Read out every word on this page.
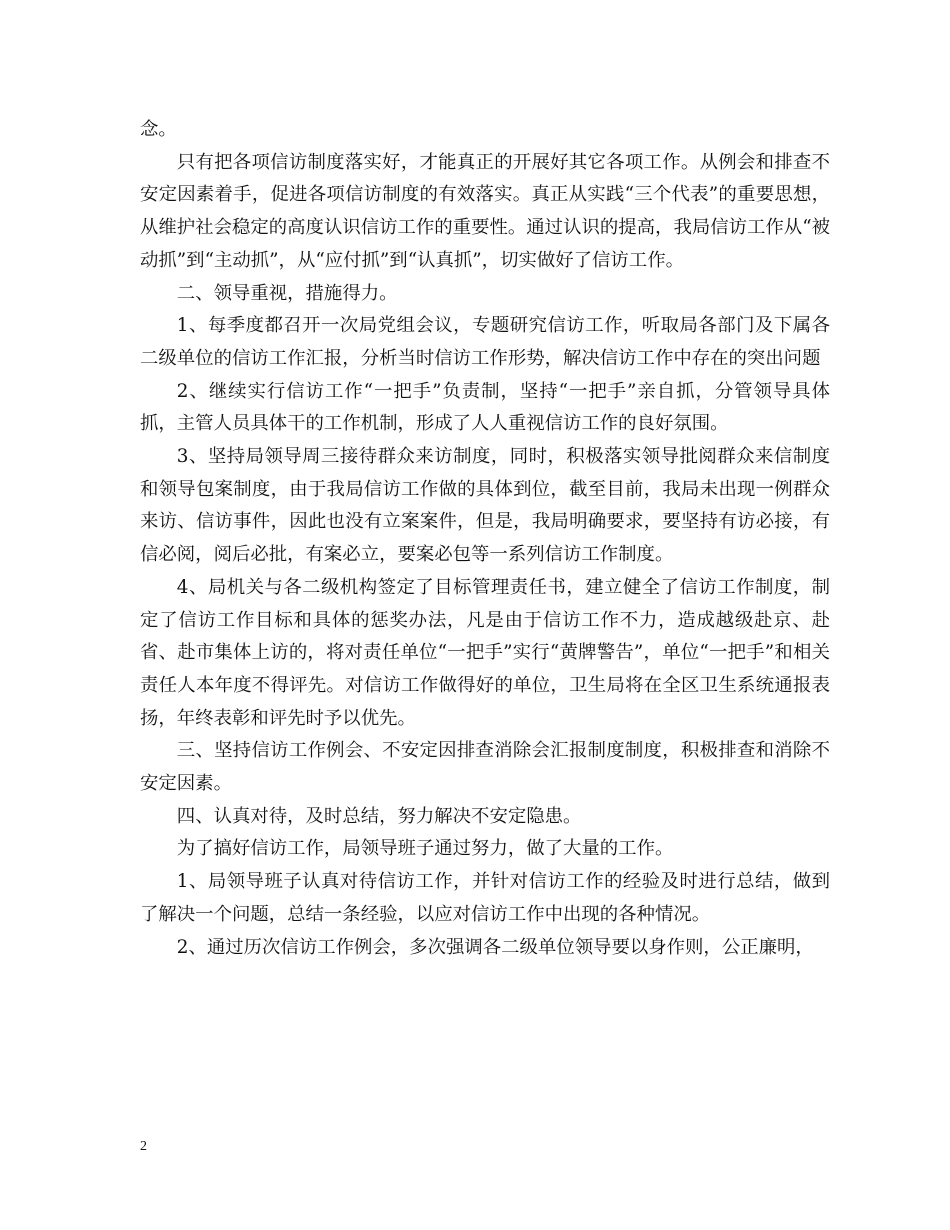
念。

只有把各项信访制度落实好，才能真正的开展好其它各项工作。从例会和排查不安定因素着手，促进各项信访制度的有效落实。真正从实践“三个代表”的重要思想，从维护社会稳定的高度认识信访工作的重要性。通过认识的提高，我局信访工作从“被动抓”到“主动抓”，从“应付抓”到“认真抓”，切实做好了信访工作。

二、领导重视，措施得力。

1、每季度都召开一次局党组会议，专题研究信访工作，听取局各部门及下属各二级单位的信访工作汇报，分析当时信访工作形势，解决信访工作中存在的突出问题

2、继续实行信访工作“一把手”负责制，坚持“一把手”亲自抓，分管领导具体抓，主管人员具体干的工作机制，形成了人人重视信访工作的良好氛围。

3、坚持局领导周三接待群众来访制度，同时，积极落实领导批阅群众来信制度和领导包案制度，由于我局信访工作做的具体到位，截至目前，我局未出现一例群众来访、信访事件，因此也没有立案案件，但是，我局明确要求，要坚持有访必接，有信必阅，阅后必批，有案必立，要案必包等一系列信访工作制度。

4、局机关与各二级机构签定了目标管理责任书，建立健全了信访工作制度，制定了信访工作目标和具体的惩奖办法，凡是由于信访工作不力，造成越级赴京、赴省、赴市集体上访的，将对责任单位“一把手”实行“黄牌警告”，单位“一把手”和相关责任人本年度不得评先。对信访工作做得好的单位，卫生局将在全区卫生系统通报表扬，年终表彰和评先时予以优先。

三、坚持信访工作例会、不安定因排查消除会汇报制度制度，积极排查和消除不安定因素。

四、认真对待，及时总结，努力解决不安定隐患。

为了搞好信访工作，局领导班子通过努力，做了大量的工作。

1、局领导班子认真对待信访工作，并针对信访工作的经验及时进行总结，做到了解决一个问题，总结一条经验，以应对信访工作中出现的各种情况。

2、通过历次信访工作例会，多次强调各二级单位领导要以身作则，公正廉明，

2
